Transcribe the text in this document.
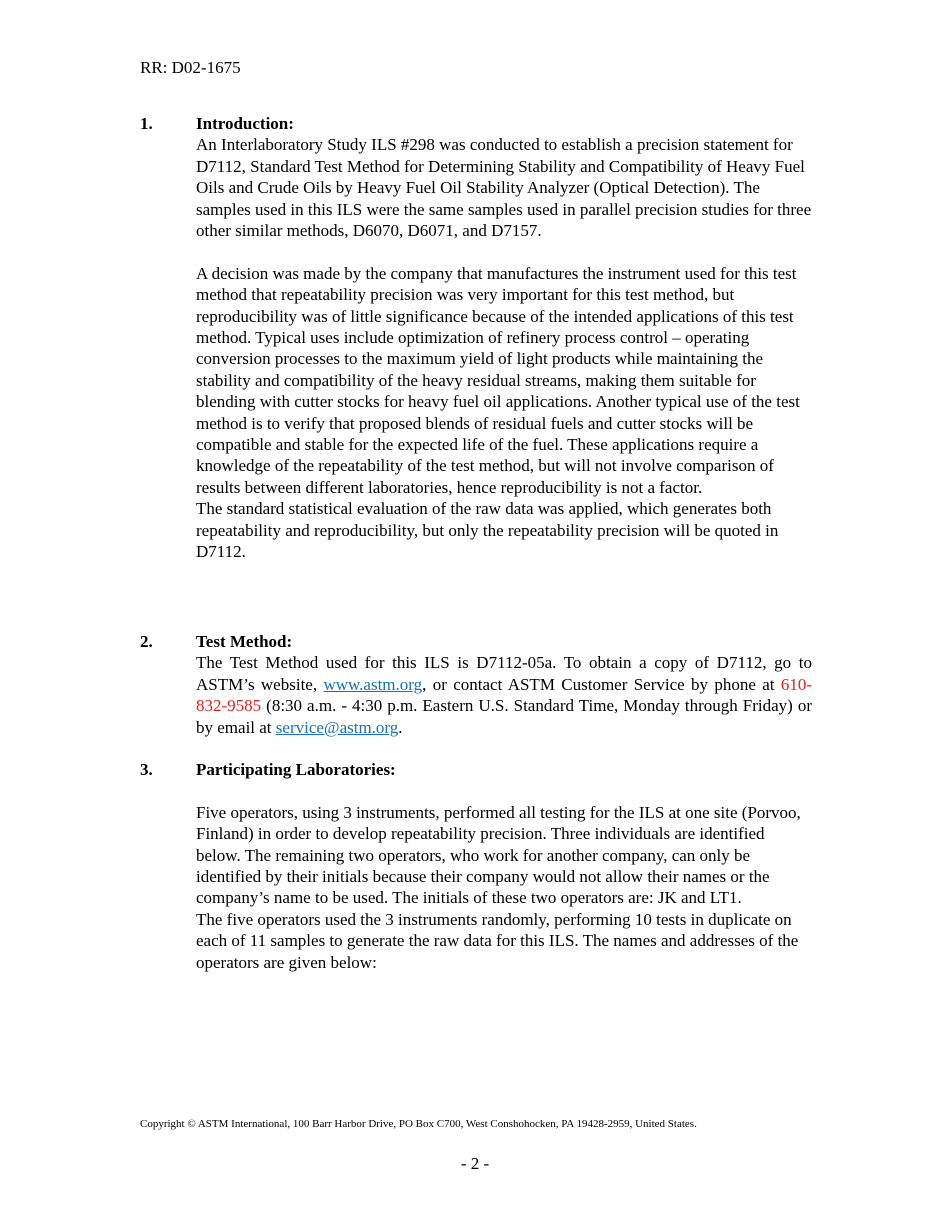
RR: D02-1675
1.	Introduction:

An Interlaboratory Study ILS #298 was conducted to establish a precision statement for D7112, Standard Test Method for Determining Stability and Compatibility of Heavy Fuel Oils and Crude Oils by Heavy Fuel Oil Stability Analyzer (Optical Detection). The samples used in this ILS were the same samples used in parallel precision studies for three other similar methods, D6070, D6071, and D7157.

A decision was made by the company that manufactures the instrument used for this test method that repeatability precision was very important for this test method, but reproducibility was of little significance because of the intended applications of this test method. Typical uses include optimization of refinery process control – operating conversion processes to the maximum yield of light products while maintaining the stability and compatibility of the heavy residual streams, making them suitable for blending with cutter stocks for heavy fuel oil applications. Another typical use of the test method is to verify that proposed blends of residual fuels and cutter stocks will be compatible and stable for the expected life of the fuel. These applications require a knowledge of the repeatability of the test method, but will not involve comparison of results between different laboratories, hence reproducibility is not a factor.

The standard statistical evaluation of the raw data was applied, which generates both repeatability and reproducibility, but only the repeatability precision will be quoted in D7112.

2.	Test Method:

The Test Method used for this ILS is D7112-05a. To obtain a copy of D7112, go to ASTM’s website, www.astm.org, or contact ASTM Customer Service by phone at 610-832-9585 (8:30 a.m. - 4:30 p.m. Eastern U.S. Standard Time, Monday through Friday) or by email at service@astm.org.

3.	Participating Laboratories:

Five operators, using 3 instruments, performed all testing for the ILS at one site (Porvoo, Finland) in order to develop repeatability precision. Three individuals are identified below. The remaining two operators, who work for another company, can only be identified by their initials because their company would not allow their names or the company’s name to be used. The initials of these two operators are: JK and LT1.

The five operators used the 3 instruments randomly, performing 10 tests in duplicate on each of 11 samples to generate the raw data for this ILS. The names and addresses of the operators are given below:

Copyright © ASTM International, 100 Barr Harbor Drive, PO Box C700, West Conshohocken, PA 19428-2959, United States.
- 2 -
